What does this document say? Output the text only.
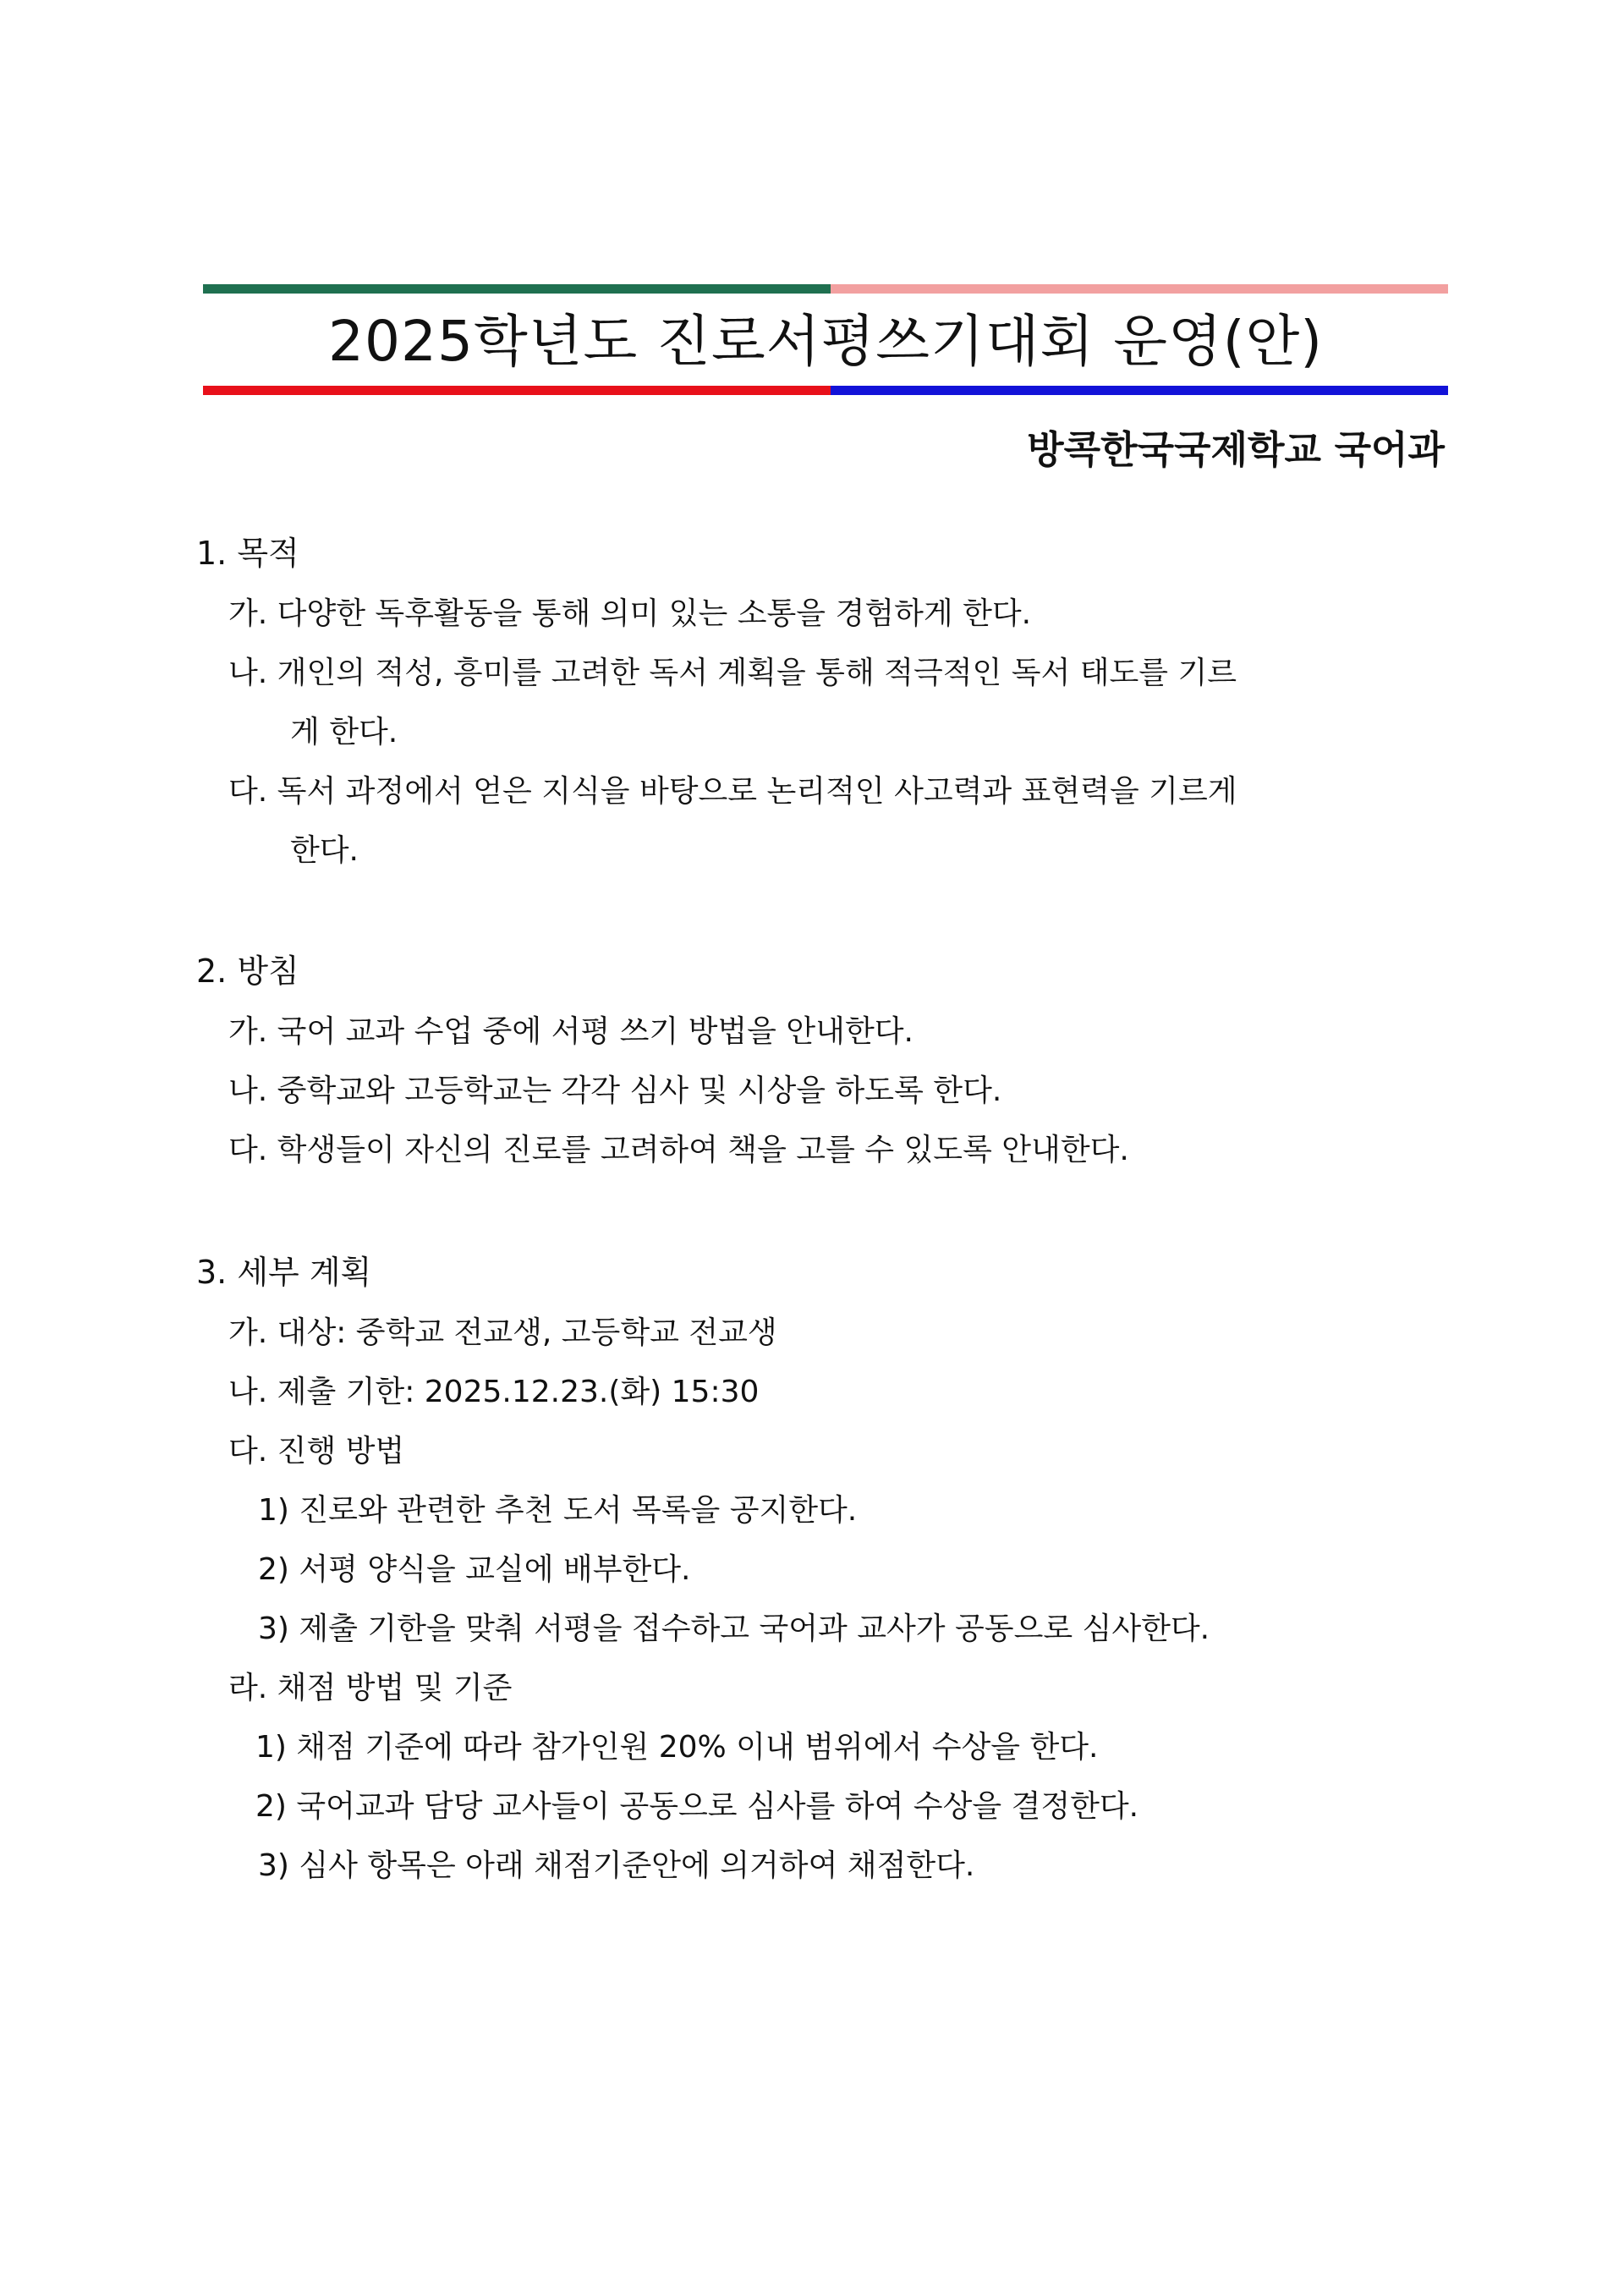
2025학년도 진로서평쓰기대회 운영(안)
방콕한국국제학교 국어과
1. 목적
가. 다양한 독후활동을 통해 의미 있는 소통을 경험하게 한다.
나. 개인의 적성, 흥미를 고려한 독서 계획을 통해 적극적인 독서 태도를 기르
게 한다.
다. 독서 과정에서 얻은 지식을 바탕으로 논리적인 사고력과 표현력을 기르게
한다.
2. 방침
가. 국어 교과 수업 중에 서평 쓰기 방법을 안내한다.
나. 중학교와 고등학교는 각각 심사 및 시상을 하도록 한다.
다. 학생들이 자신의 진로를 고려하여 책을 고를 수 있도록 안내한다.
3. 세부 계획
가. 대상: 중학교 전교생, 고등학교 전교생
나. 제출 기한: 2025.12.23.(화) 15:30
다. 진행 방법
1) 진로와 관련한 추천 도서 목록을 공지한다.
2) 서평 양식을 교실에 배부한다.
3) 제출 기한을 맞춰 서평을 접수하고 국어과 교사가 공동으로 심사한다.
라. 채점 방법 및 기준
1) 채점 기준에 따라 참가인원 20% 이내 범위에서 수상을 한다.
2) 국어교과 담당 교사들이 공동으로 심사를 하여 수상을 결정한다.
3) 심사 항목은 아래 채점기준안에 의거하여 채점한다.
